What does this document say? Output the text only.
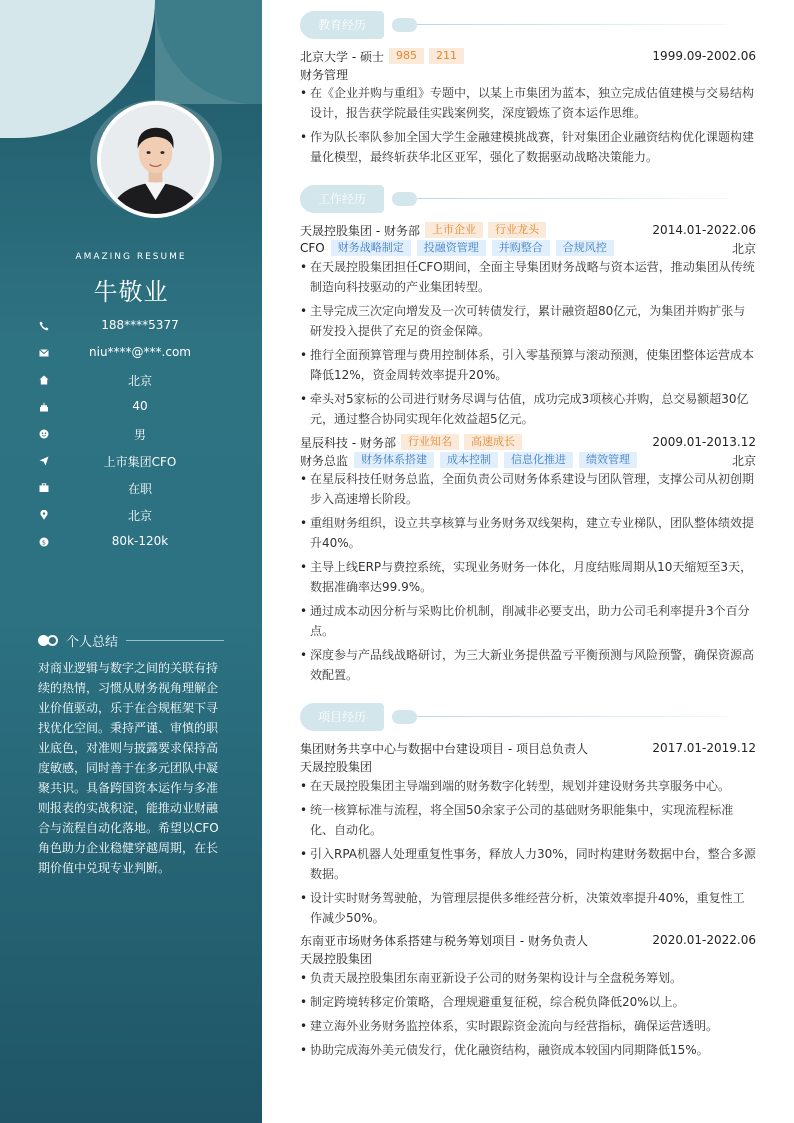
AMAZING RESUME
牛敬业
188****5377
niu****@***.com
北京
40
男
上市集团CFO
在职
北京
$	80k-120k
个人总结
对商业逻辑与数字之间的关联有持续的热情，习惯从财务视角理解企业价值驱动，乐于在合规框架下寻找优化空间。秉持严谨、审慎的职业底色，对准则与披露要求保持高度敏感，同时善于在多元团队中凝聚共识。具备跨国资本运作与多准则报表的实战积淀，能推动业财融合与流程自动化落地。希望以CFO角色助力企业稳健穿越周期，在长期价值中兑现专业判断。
教育经历
北京大学 - 硕士	985	211	1999.09-2002.06
财务管理
• 在《企业并购与重组》专题中，以某上市集团为蓝本，独立完成估值建模与交易结构设计，报告获学院最佳实践案例奖，深度锻炼了资本运作思维。
• 作为队长率队参加全国大学生金融建模挑战赛，针对集团企业融资结构优化课题构建量化模型，最终斩获华北区亚军，强化了数据驱动战略决策能力。
工作经历
天晟控股集团 - 财务部	上市企业	行业龙头	2014.01-2022.06
CFO	财务战略制定	投融资管理	并购整合	合规风控	北京
• 在天晟控股集团担任CFO期间，全面主导集团财务战略与资本运营，推动集团从传统制造向科技驱动的产业集团转型。
• 主导完成三次定向增发及一次可转债发行，累计融资超80亿元，为集团并购扩张与研发投入提供了充足的资金保障。
• 推行全面预算管理与费用控制体系，引入零基预算与滚动预测，使集团整体运营成本降低12%，资金周转效率提升20%。
• 牵头对5家标的公司进行财务尽调与估值，成功完成3项核心并购，总交易额超30亿元，通过整合协同实现年化效益超5亿元。
星辰科技 - 财务部	行业知名	高速成长	2009.01-2013.12
财务总监	财务体系搭建	成本控制	信息化推进	绩效管理	北京
• 在星辰科技任财务总监，全面负责公司财务体系建设与团队管理，支撑公司从初创期步入高速增长阶段。
• 重组财务组织，设立共享核算与业务财务双线架构，建立专业梯队，团队整体绩效提升40%。
• 主导上线ERP与费控系统，实现业务财务一体化，月度结账周期从10天缩短至3天，数据准确率达99.9%。
• 通过成本动因分析与采购比价机制，削减非必要支出，助力公司毛利率提升3个百分点。
• 深度参与产品线战略研讨，为三大新业务提供盈亏平衡预测与风险预警，确保资源高效配置。
项目经历
集团财务共享中心与数据中台建设项目 - 项目总负责人	2017.01-2019.12
天晟控股集团
• 在天晟控股集团主导端到端的财务数字化转型，规划并建设财务共享服务中心。
• 统一核算标准与流程，将全国50余家子公司的基础财务职能集中，实现流程标准化、自动化。
• 引入RPA机器人处理重复性事务，释放人力30%，同时构建财务数据中台，整合多源数据。
• 设计实时财务驾驶舱，为管理层提供多维经营分析，决策效率提升40%，重复性工作减少50%。
东南亚市场财务体系搭建与税务筹划项目 - 财务负责人	2020.01-2022.06
天晟控股集团
• 负责天晟控股集团东南亚新设子公司的财务架构设计与全盘税务筹划。
• 制定跨境转移定价策略，合理规避重复征税，综合税负降低20%以上。
• 建立海外业务财务监控体系，实时跟踪资金流向与经营指标，确保运营透明。
• 协助完成海外美元债发行，优化融资结构，融资成本较国内同期降低15%。
